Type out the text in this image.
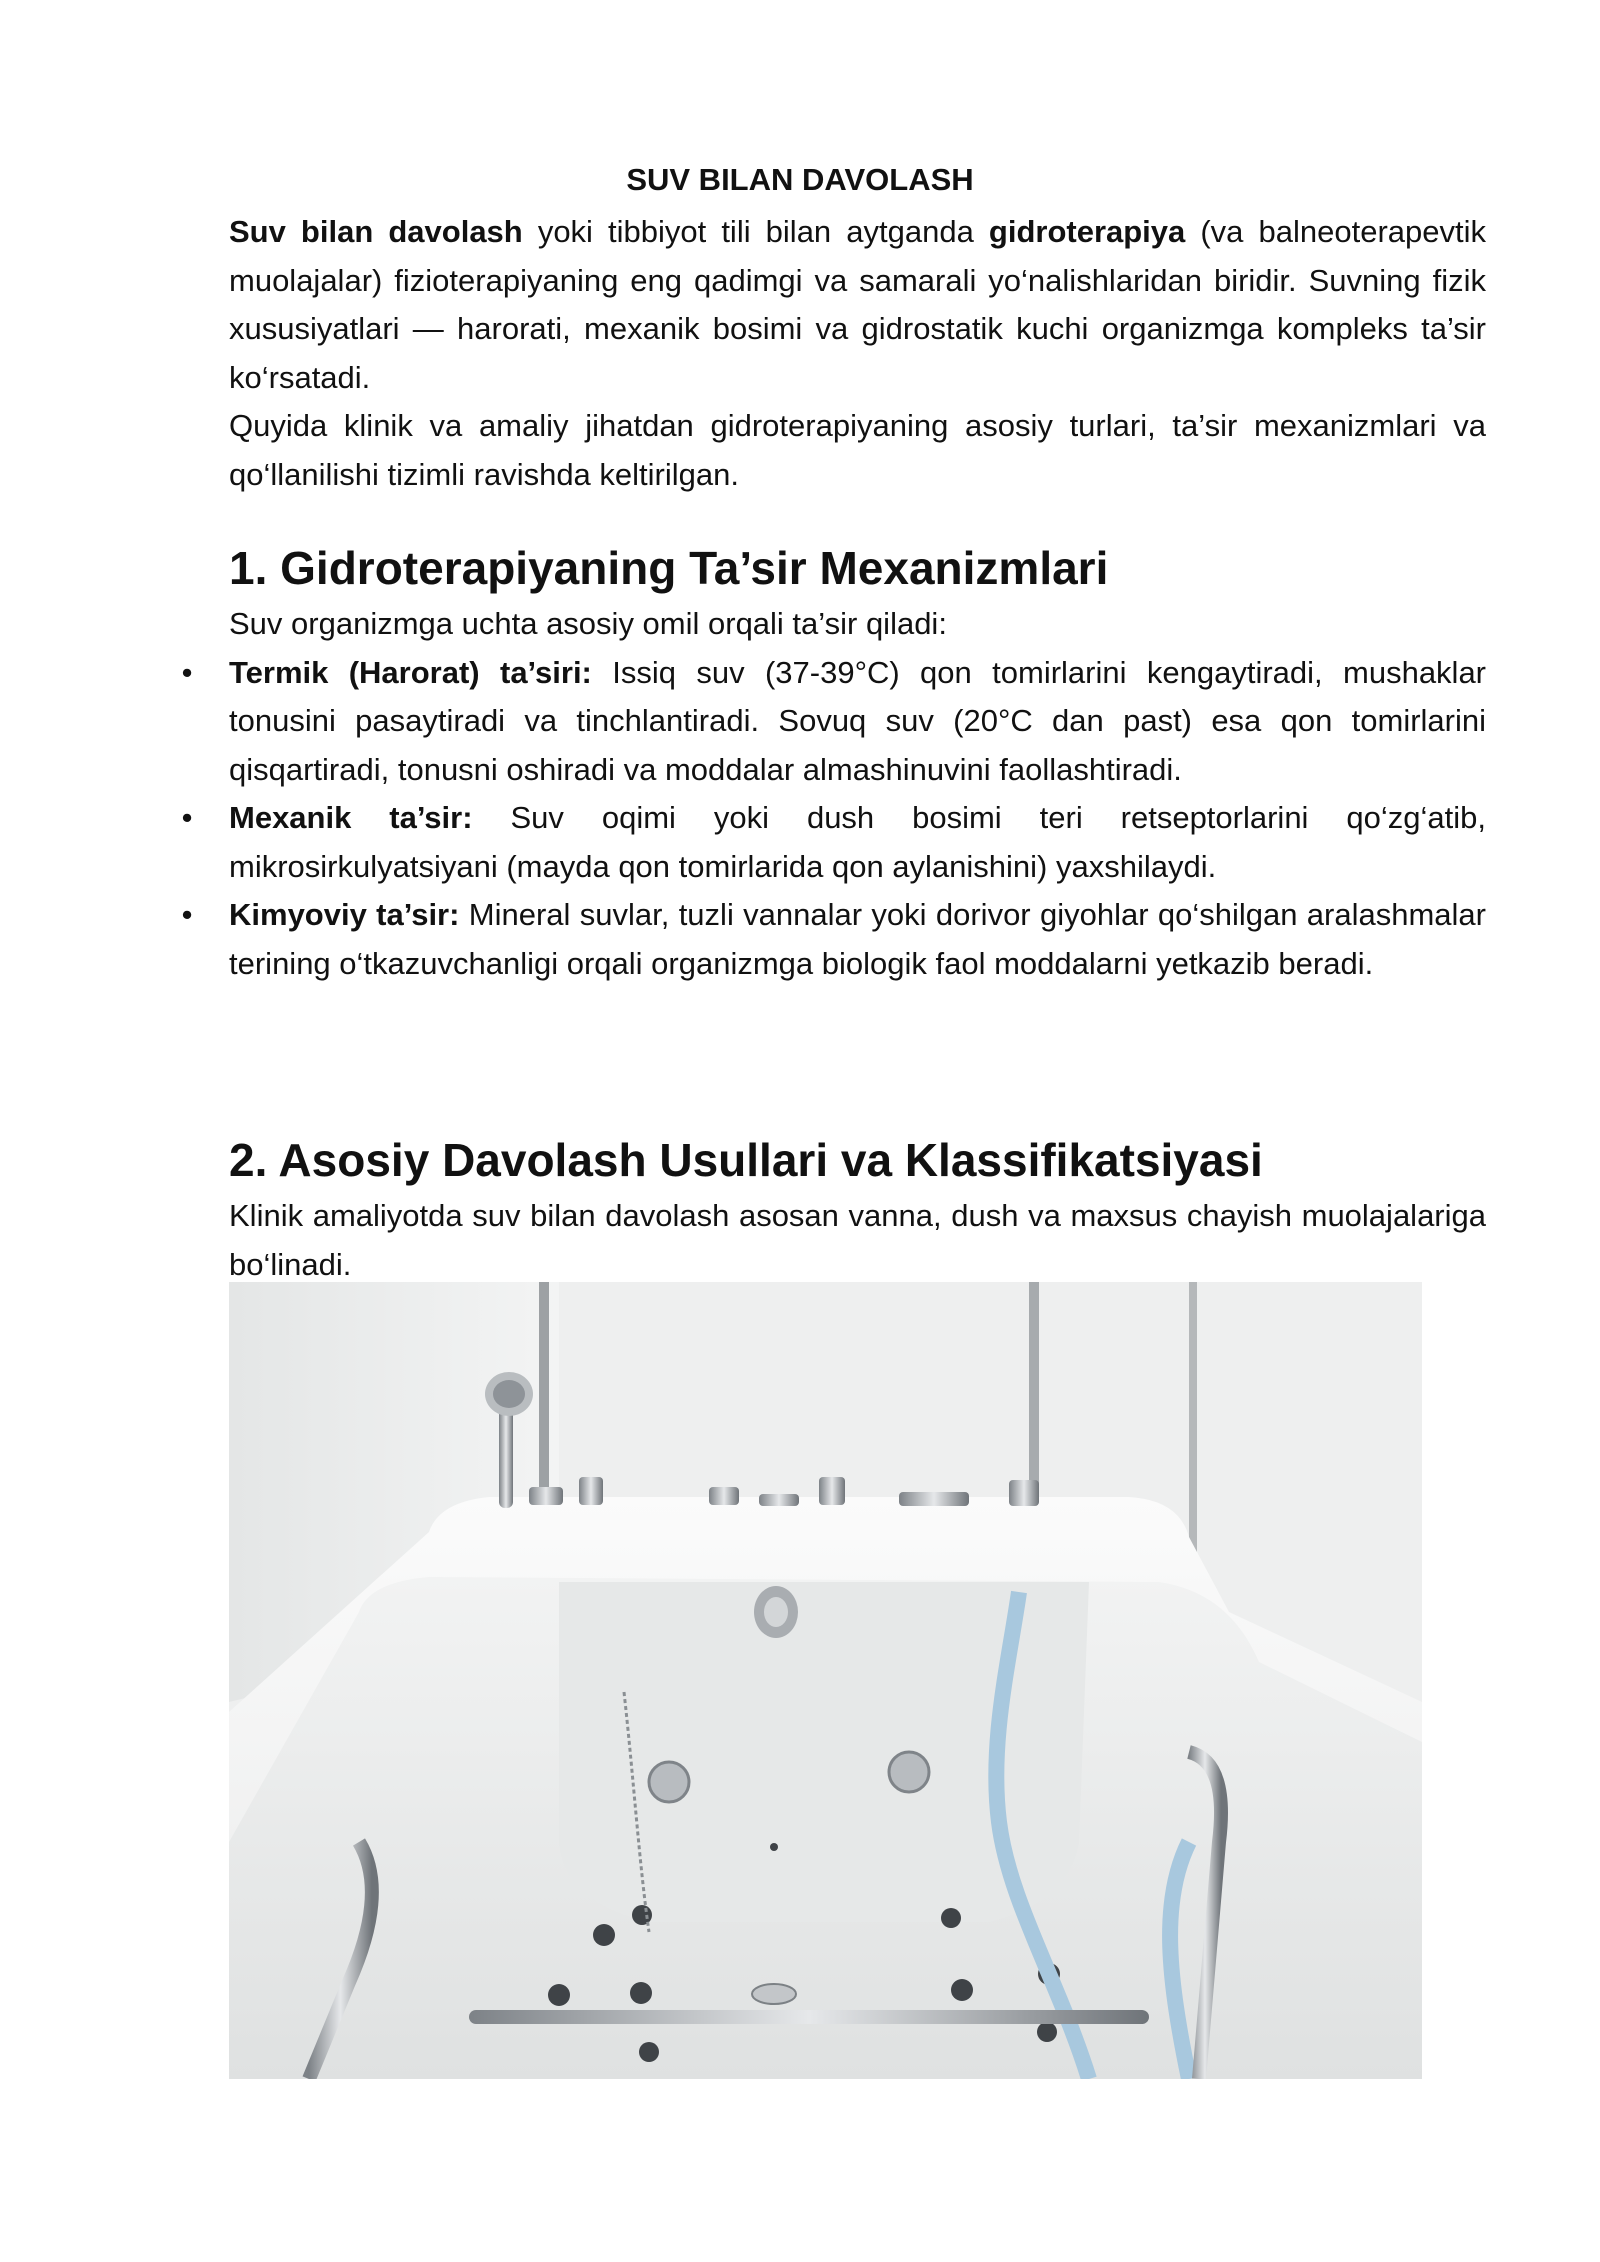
SUV BILAN DAVOLASH

Suv bilan davolash yoki tibbiyot tili bilan aytganda gidroterapiya (va balneoterapevtik muolajalar) fizioterapiyaning eng qadimgi va samarali yo‘nalishlaridan biridir. Suvning fizik xususiyatlari — harorati, mexanik bosimi va gidrostatik kuchi organizmga kompleks ta’sir ko‘rsatadi.

Quyida klinik va amaliy jihatdan gidroterapiyaning asosiy turlari, ta’sir mexanizmlari va qo‘llanilishi tizimli ravishda keltirilgan.

1. Gidroterapiyaning Ta’sir Mexanizmlari

Suv organizmga uchta asosiy omil orqali ta’sir qiladi:

• Termik (Harorat) ta’siri: Issiq suv (37-39°C) qon tomirlarini kengaytiradi, mushaklar tonusini pasaytiradi va tinchlantiradi. Sovuq suv (20°C dan past) esa qon tomirlarini qisqartiradi, tonusni oshiradi va moddalar almashinuvini faollashtiradi.
• Mexanik ta’sir: Suv oqimi yoki dush bosimi teri retseptorlarini qo‘zg‘atib, mikrosirkulyatsiyani (mayda qon tomirlarida qon aylanishini) yaxshilaydi.
• Kimyoviy ta’sir: Mineral suvlar, tuzli vannalar yoki dorivor giyohlar qo‘shilgan aralashmalar terining o‘tkazuvchanligi orqali organizmga biologik faol moddalarni yetkazib beradi.
2. Asosiy Davolash Usullari va Klassifikatsiyasi

Klinik amaliyotda suv bilan davolash asosan vanna, dush va maxsus chayish muolajalariga bo‘linadi.
